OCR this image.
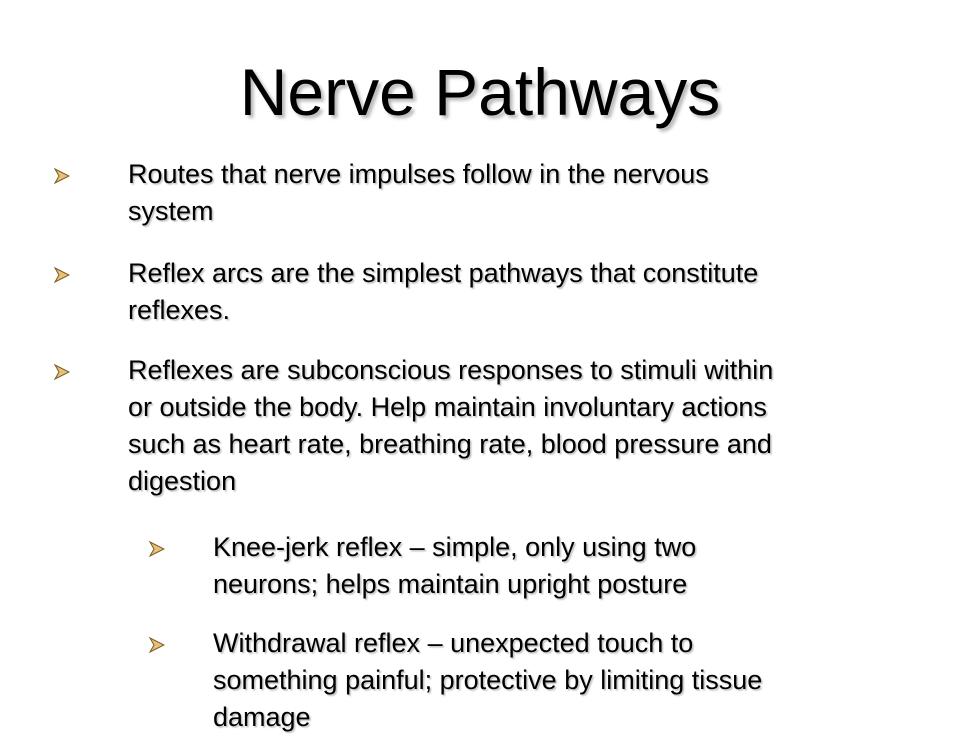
Nerve Pathways
Routes that nerve impulses follow in the nervous
system
Reflex arcs are the simplest pathways that constitute
reflexes.
Reflexes are subconscious responses to stimuli within
or outside the body. Help maintain involuntary actions
such as heart rate, breathing rate, blood pressure and
digestion
Knee-jerk reflex – simple, only using two
neurons; helps maintain upright posture
Withdrawal reflex – unexpected touch to
something painful; protective by limiting tissue
damage
